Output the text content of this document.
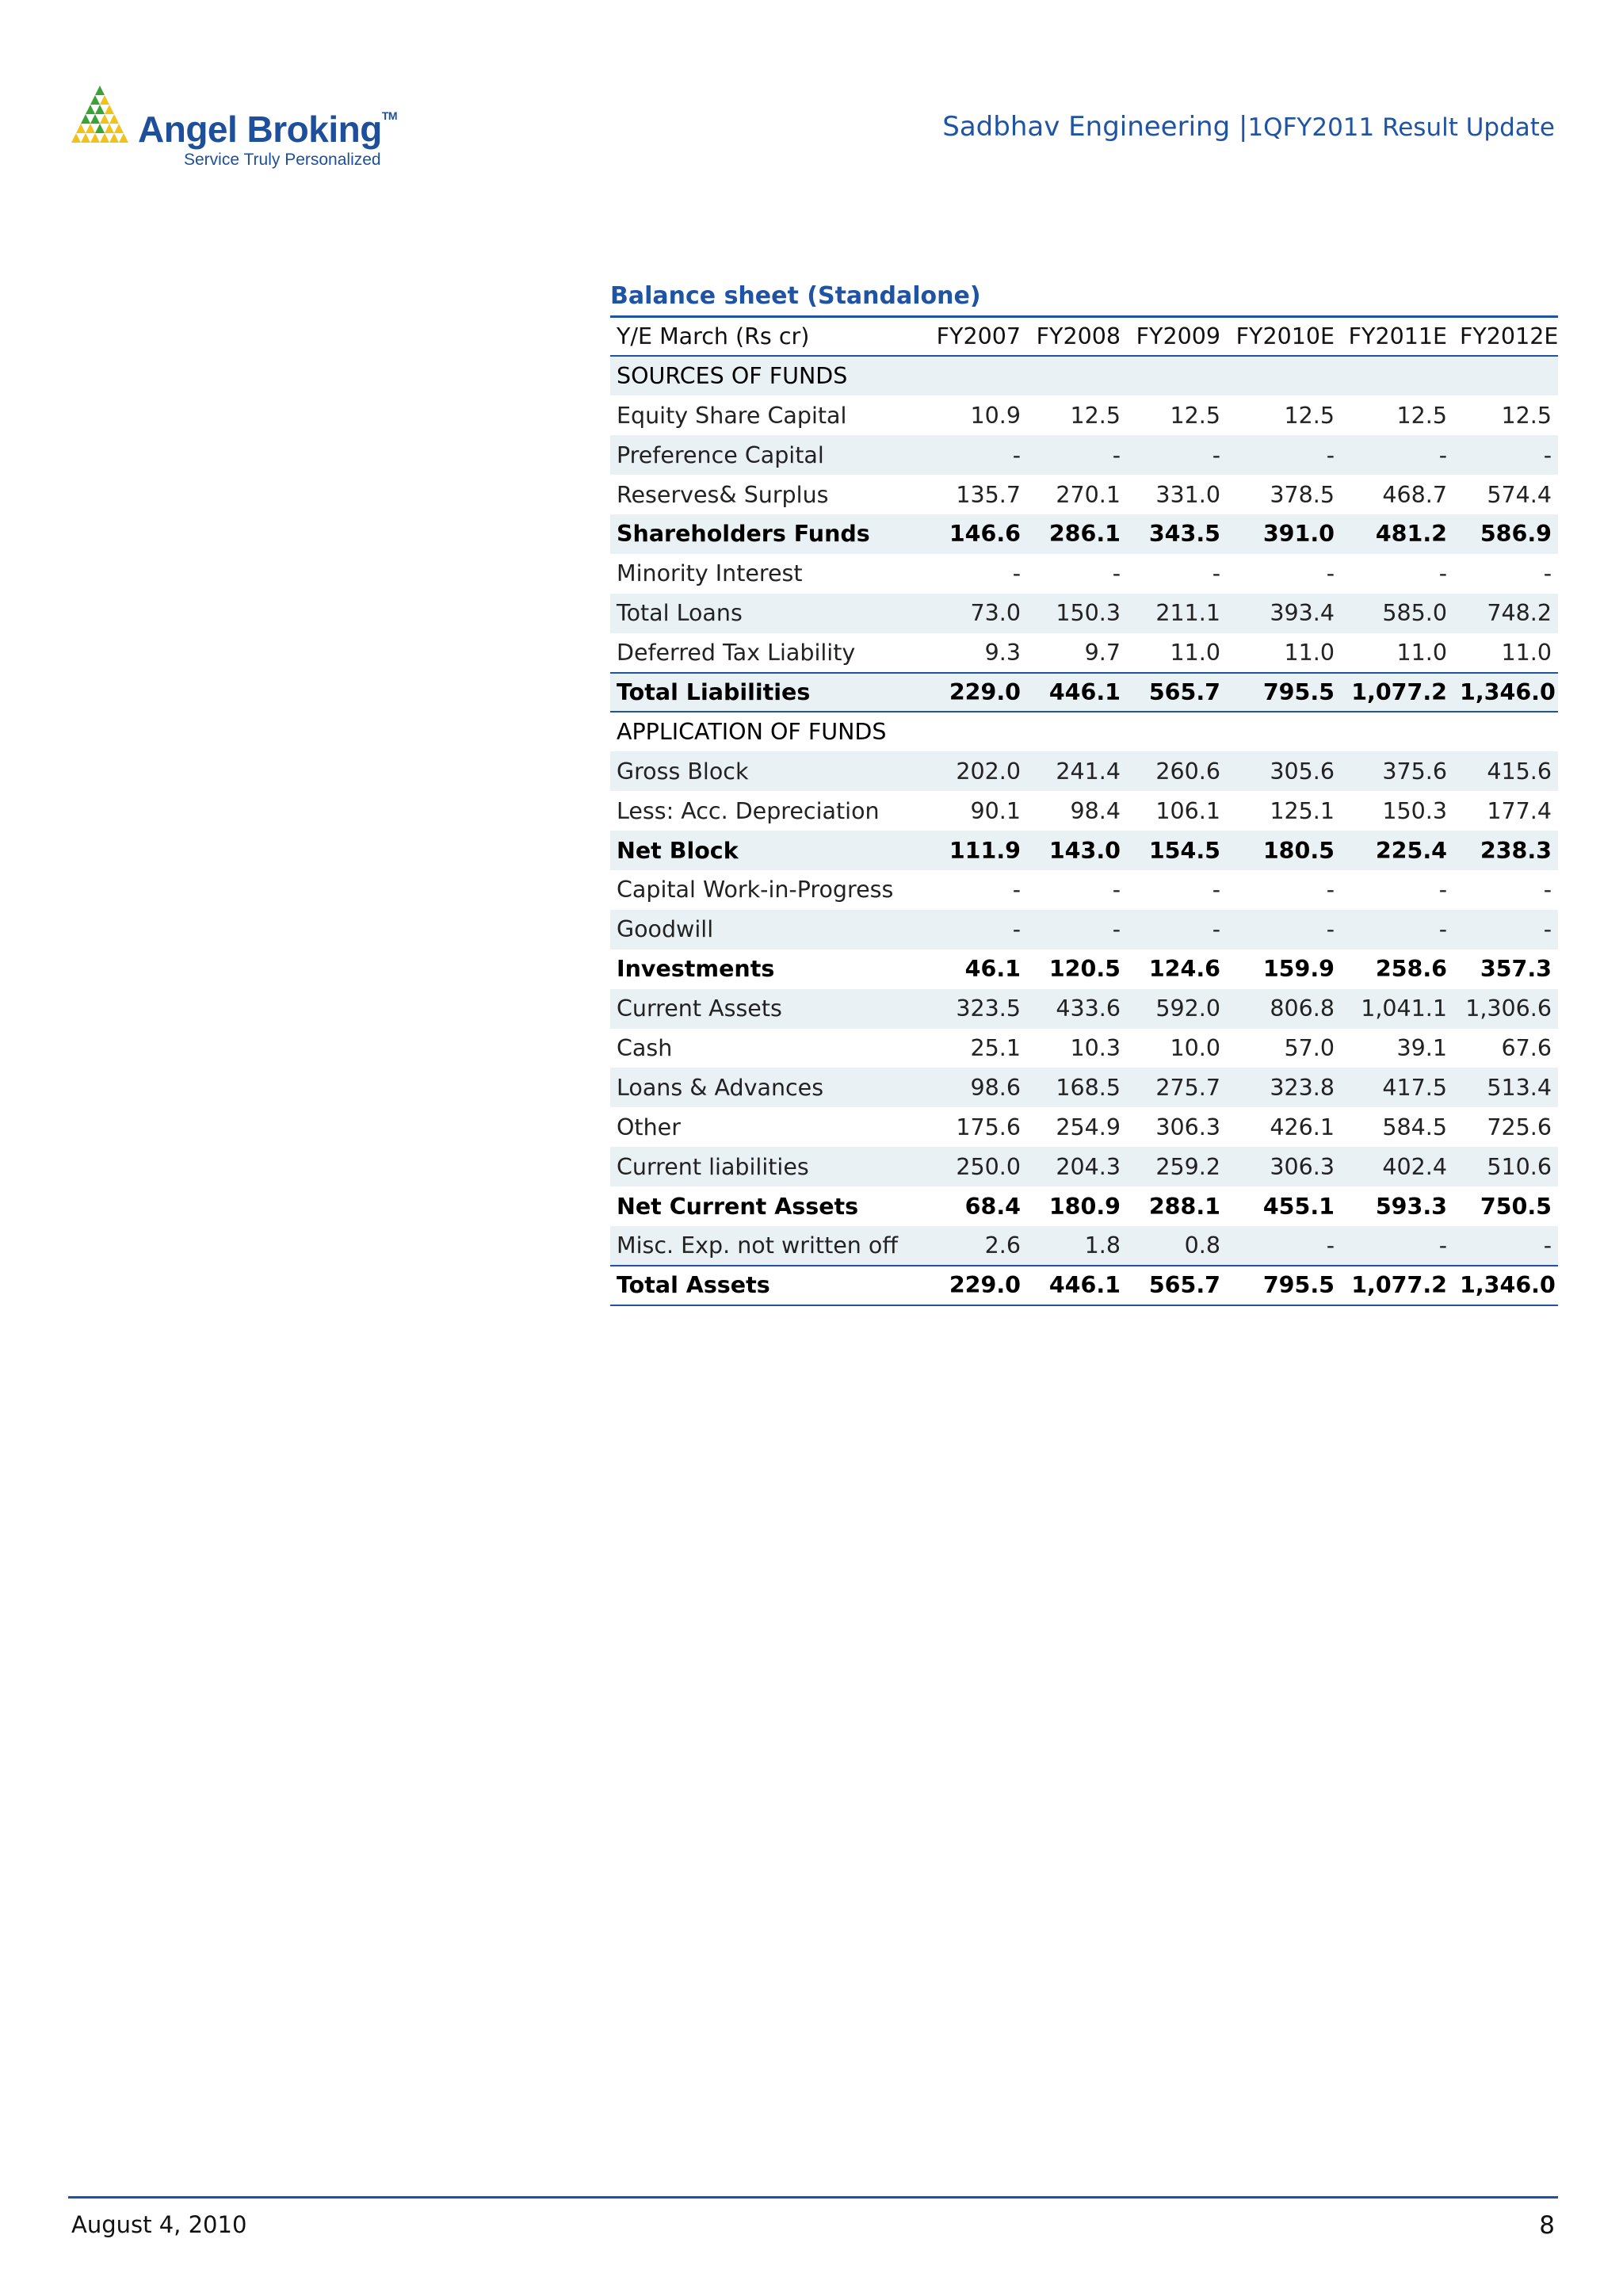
Angel Broking™
Service Truly Personalized
Sadbhav Engineering |1QFY2011 Result Update
Balance sheet (Standalone)
Y/E March (Rs cr)	FY2007	FY2008	FY2009	FY2010E	FY2011E	FY2012E
SOURCES OF FUNDS						
Equity Share Capital	10.9	12.5	12.5	12.5	12.5	12.5
Preference Capital	-	-	-	-	-	-
Reserves& Surplus	135.7	270.1	331.0	378.5	468.7	574.4
Shareholders Funds	146.6	286.1	343.5	391.0	481.2	586.9
Minority Interest	-	-	-	-	-	-
Total Loans	73.0	150.3	211.1	393.4	585.0	748.2
Deferred Tax Liability	9.3	9.7	11.0	11.0	11.0	11.0
Total Liabilities	229.0	446.1	565.7	795.5	1,077.2	1,346.0
APPLICATION OF FUNDS						
Gross Block	202.0	241.4	260.6	305.6	375.6	415.6
Less: Acc. Depreciation	90.1	98.4	106.1	125.1	150.3	177.4
Net Block	111.9	143.0	154.5	180.5	225.4	238.3
Capital Work-in-Progress	-	-	-	-	-	-
Goodwill	-	-	-	-	-	-
Investments	46.1	120.5	124.6	159.9	258.6	357.3
Current Assets	323.5	433.6	592.0	806.8	1,041.1	1,306.6
Cash	25.1	10.3	10.0	57.0	39.1	67.6
Loans & Advances	98.6	168.5	275.7	323.8	417.5	513.4
Other	175.6	254.9	306.3	426.1	584.5	725.6
Current liabilities	250.0	204.3	259.2	306.3	402.4	510.6
Net Current Assets	68.4	180.9	288.1	455.1	593.3	750.5
Misc. Exp. not written off	2.6	1.8	0.8	-	-	-
Total Assets	229.0	446.1	565.7	795.5	1,077.2	1,346.0
August 4, 2010	8
